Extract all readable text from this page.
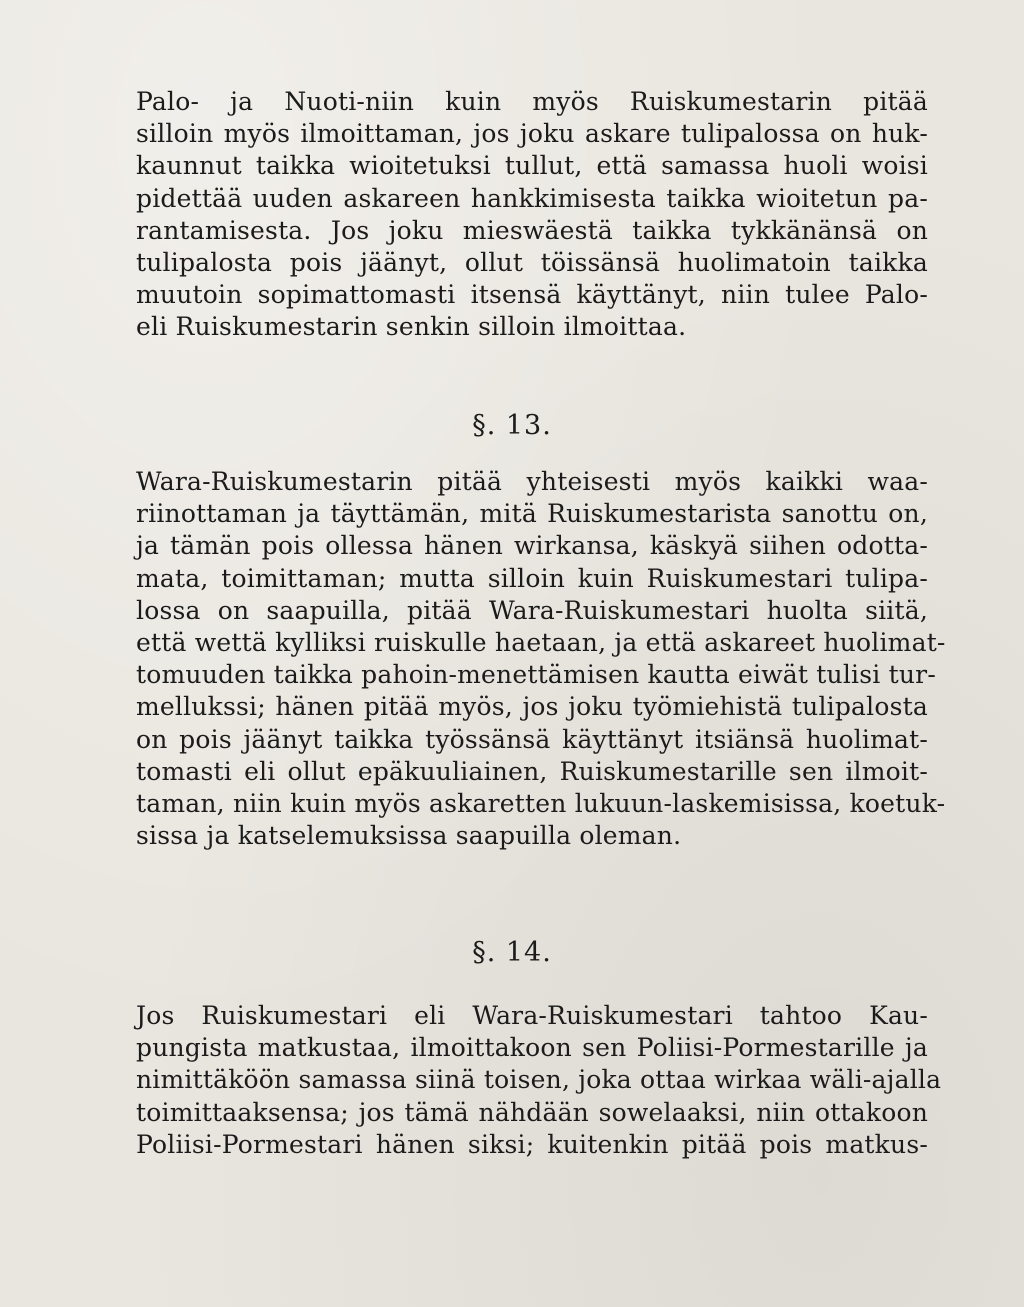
Palo- ja Nuoti-niin kuin myös Ruiskumestarin pitää
silloin myös ilmoittaman, jos joku askare tulipalossa on huk-
kaunnut taikka wioitetuksi tullut, että samassa huoli woisi
pidettää uuden askareen hankkimisesta taikka wioitetun pa-
rantamisesta. Jos joku mieswäestä taikka tykkänänsä on
tulipalosta pois jäänyt, ollut töissänsä huolimatoin taikka
muutoin sopimattomasti itsensä käyttänyt, niin tulee Palo-
eli Ruiskumestarin senkin silloin ilmoittaa.
§. 13.
Wara-Ruiskumestarin pitää yhteisesti myös kaikki waa-
riinottaman ja täyttämän, mitä Ruiskumestarista sanottu on,
ja tämän pois ollessa hänen wirkansa, käskyä siihen odotta-
mata, toimittaman; mutta silloin kuin Ruiskumestari tulipa-
lossa on saapuilla, pitää Wara-Ruiskumestari huolta siitä,
että wettä kylliksi ruiskulle haetaan, ja että askareet huolimat-
tomuuden taikka pahoin-menettämisen kautta eiwät tulisi tur-
mellukssi; hänen pitää myös, jos joku työmiehistä tulipalosta
on pois jäänyt taikka työssänsä käyttänyt itsiänsä huolimat-
tomasti eli ollut epäkuuliainen, Ruiskumestarille sen ilmoit-
taman, niin kuin myös askaretten lukuun-laskemisissa, koetuk-
sissa ja katselemuksissa saapuilla oleman.
§. 14.
Jos Ruiskumestari eli Wara-Ruiskumestari tahtoo Kau-
pungista matkustaa, ilmoittakoon sen Poliisi-Pormestarille ja
nimittäköön samassa siinä toisen, joka ottaa wirkaa wäli-ajalla
toimittaaksensa; jos tämä nähdään sowelaaksi, niin ottakoon
Poliisi-Pormestari hänen siksi; kuitenkin pitää pois matkus-
